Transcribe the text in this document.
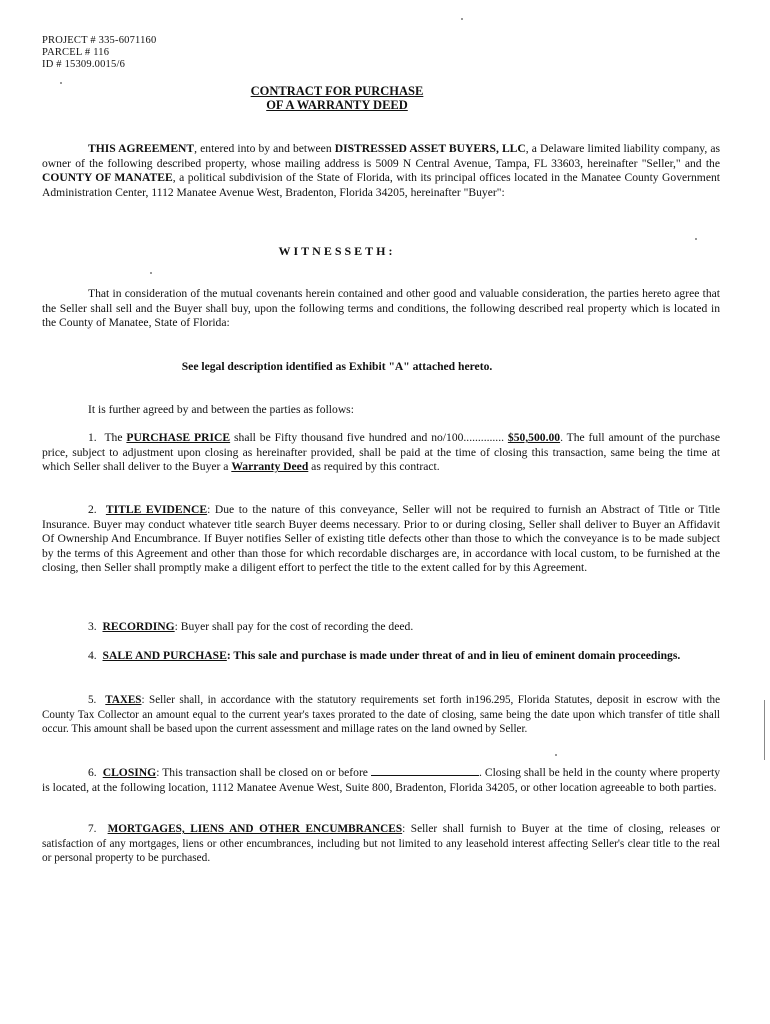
PROJECT # 335-6071160
PARCEL # 116
ID # 15309.0015/6
CONTRACT FOR PURCHASE
OF A WARRANTY DEED
THIS AGREEMENT, entered into by and between DISTRESSED ASSET BUYERS, LLC, a Delaware limited liability company, as owner of the following described property, whose mailing address is 5009 N Central Avenue, Tampa, FL 33603, hereinafter "Seller," and the COUNTY OF MANATEE, a political subdivision of the State of Florida, with its principal offices located in the Manatee County Government Administration Center, 1112 Manatee Avenue West, Bradenton, Florida 34205, hereinafter "Buyer":
WITNESSETH:
That in consideration of the mutual covenants herein contained and other good and valuable consideration, the parties hereto agree that the Seller shall sell and the Buyer shall buy, upon the following terms and conditions, the following described real property which is located in the County of Manatee, State of Florida:
See legal description identified as Exhibit "A" attached hereto.
It is further agreed by and between the parties as follows:
1.  The PURCHASE PRICE shall be Fifty thousand five hundred and no/100.............. $50,500.00. The full amount of the purchase price, subject to adjustment upon closing as hereinafter provided, shall be paid at the time of closing this transaction, same being the time at which Seller shall deliver to the Buyer a Warranty Deed as required by this contract.
2. TITLE EVIDENCE: Due to the nature of this conveyance, Seller will not be required to furnish an Abstract of Title or Title Insurance. Buyer may conduct whatever title search Buyer deems necessary. Prior to or during closing, Seller shall deliver to Buyer an Affidavit Of Ownership And Encumbrance. If Buyer notifies Seller of existing title defects other than those to which the conveyance is to be made subject by the terms of this Agreement and other than those for which recordable discharges are, in accordance with local custom, to be furnished at the closing, then Seller shall promptly make a diligent effort to perfect the title to the extent called for by this Agreement.
3. RECORDING: Buyer shall pay for the cost of recording the deed.
4. SALE AND PURCHASE: This sale and purchase is made under threat of and in lieu of eminent domain proceedings.
5. TAXES: Seller shall, in accordance with the statutory requirements set forth in196.295, Florida Statutes, deposit in escrow with the County Tax Collector an amount equal to the current year's taxes prorated to the date of closing, same being the date upon which transfer of title shall occur. This amount shall be based upon the current assessment and millage rates on the land owned by Seller.
6. CLOSING: This transaction shall be closed on or before	. Closing shall be held in the county where property is located, at the following location, 1112 Manatee Avenue West, Suite 800, Bradenton, Florida 34205, or other location agreeable to both parties.
7. MORTGAGES, LIENS AND OTHER ENCUMBRANCES: Seller shall furnish to Buyer at the time of closing, releases or satisfaction of any mortgages, liens or other encumbrances, including but not limited to any leasehold interest affecting Seller's clear title to the real or personal property to be purchased.
